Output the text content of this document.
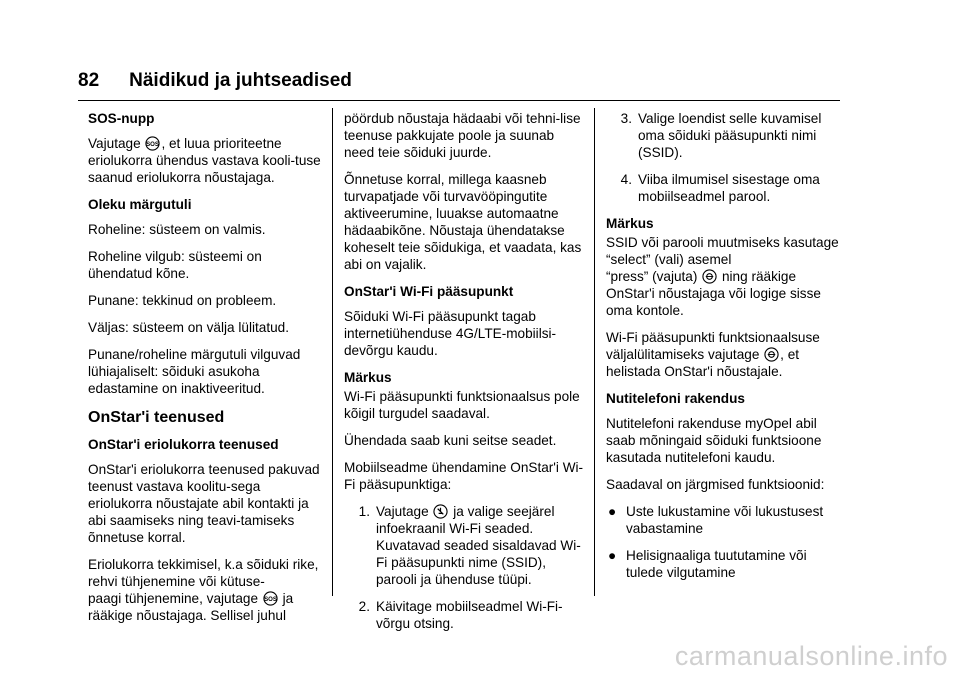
82 Näidikud ja juhtseadised
SOS-nupp
Vajutage SOS , et luua prioriteetne eriolukorra ühendus vastava kooli-tuse saanud eriolukorra nõustajaga.
Oleku märgutuli
Roheline: süsteem on valmis.
Roheline vilgub: süsteemi on ühendatud kõne.
Punane: tekkinud on probleem.
Väljas: süsteem on välja lülitatud.
Punane/roheline märgutuli vilguvad lühiajaliselt: sõiduki asukoha edastamine on inaktiveeritud.
OnStar'i teenused
OnStar'i eriolukorra teenused
OnStar'i eriolukorra teenused pakuvad teenust vastava koolitu-sega eriolukorra nõustajate abil kontakti ja abi saamiseks ning teavi-tamiseks õnnetuse korral.
Eriolukorra tekkimisel, k.a sõiduki rike, rehvi tühjenemine või kütuse-
paagi tühjenemine, vajutage SOS ja rääkige nõustajaga. Sellisel juhul
pöördub nõustaja hädaabi või tehni-lise teenuse pakkujate poole ja suunab need teie sõiduki juurde.
Õnnetuse korral, millega kaasneb turvapatjade või turvavööpingutite aktiveerumine, luuakse automaatne hädaabikõne. Nõustaja ühendatakse koheselt teie sõidukiga, et vaadata, kas abi on vajalik.
OnStar'i Wi-Fi pääsupunkt
Sõiduki Wi-Fi pääsupunkt tagab internetiühenduse 4G/LTE-mobiilsi-devõrgu kaudu.
Märkus
Wi-Fi pääsupunkti funktsionaalsus pole kõigil turgudel saadaval.
Ühendada saab kuni seitse seadet.
Mobiilseadme ühendamine OnStar'i Wi-Fi pääsupunktiga:
1. Vajutage ja valige seejärel infoekraanil Wi-Fi seaded. Kuvatavad seaded sisaldavad Wi-Fi pääsupunkti nime (SSID), parooli ja ühenduse tüüpi.
2. Käivitage mobiilseadmel Wi-Fi-võrgu otsing.
3. Valige loendist selle kuvamisel oma sõiduki pääsupunkti nimi (SSID).
4. Viiba ilmumisel sisestage oma mobiilseadmel parool.
Märkus
SSID või parooli muutmiseks kasutage “select” (vali) asemel
“press” (vajuta) ning rääkige OnStar'i nõustajaga või logige sisse oma kontole.
Wi-Fi pääsupunkti funktsionaalsuse väljalülitamiseks vajutage , et helistada OnStar'i nõustajale.
Nutitelefoni rakendus
Nutitelefoni rakenduse myOpel abil saab mõningaid sõiduki funktsioone kasutada nutitelefoni kaudu.
Saadaval on järgmised funktsioonid:
● Uste lukustamine või lukustusest vabastamine
● Helisignaaliga tuututamine või tulede vilgutamine
carmanualsonline.info
